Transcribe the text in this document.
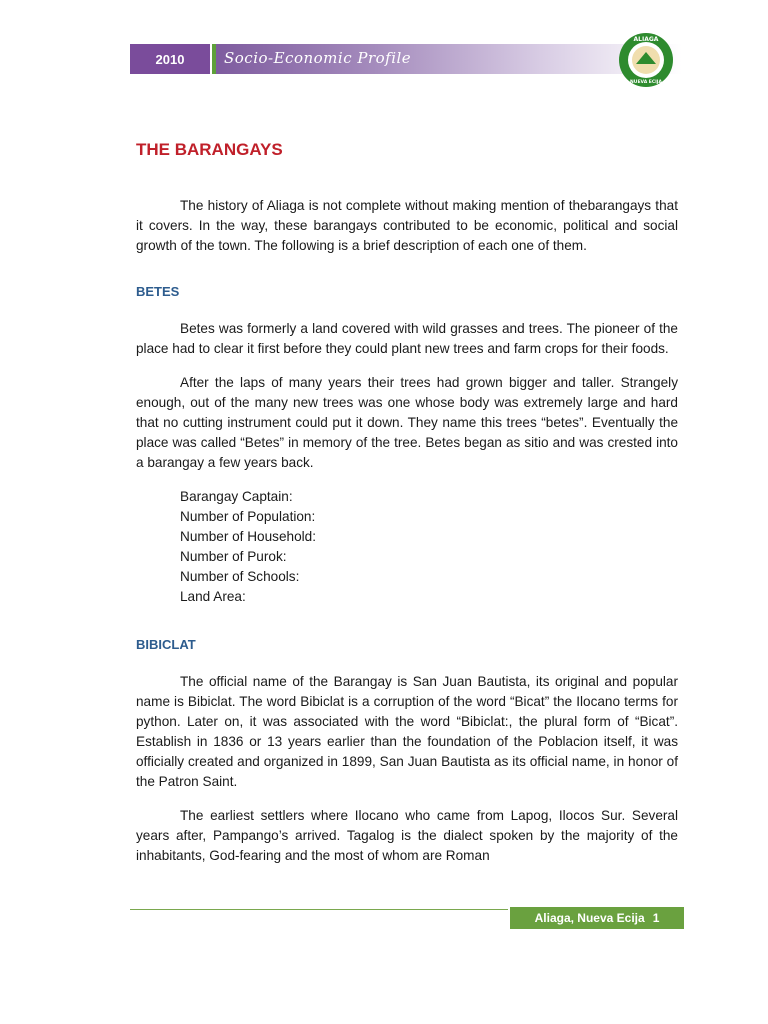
2010	Socio-Economic Profile
ALIAGA
NUEVA ECIJA
THE BARANGAYS

The history of Aliaga is not complete without making mention of thebarangays that it covers. In the way, these barangays contributed to be economic, political and social growth of the town. The following is a brief description of each one of them.

BETES

Betes was formerly a land covered with wild grasses and trees. The pioneer of the place had to clear it first before they could plant new trees and farm crops for their foods.

After the laps of many years their trees had grown bigger and taller. Strangely enough, out of the many new trees was one whose body was extremely large and hard that no cutting instrument could put it down. They name this trees “betes”. Eventually the place was called “Betes” in memory of the tree. Betes began as sitio and was crested into a barangay a few years back.

Barangay Captain:
Number of Population:
Number of Household:
Number of Purok:
Number of Schools:
Land Area:
BIBICLAT

The official name of the Barangay is San Juan Bautista, its original and popular name is Bibiclat. The word Bibiclat is a corruption of the word “Bicat” the Ilocano terms for python. Later on, it was associated with the word “Bibiclat:, the plural form of “Bicat”. Establish in 1836 or 13 years earlier than the foundation of the Poblacion itself, it was officially created and organized in 1899, San Juan Bautista as its official name, in honor of the Patron Saint.

The earliest settlers where Ilocano who came from Lapog, Ilocos Sur. Several years after, Pampango’s arrived. Tagalog is the dialect spoken by the majority of the inhabitants, God-fearing and the most of whom are Roman

Aliaga, Nueva Ecija 1
